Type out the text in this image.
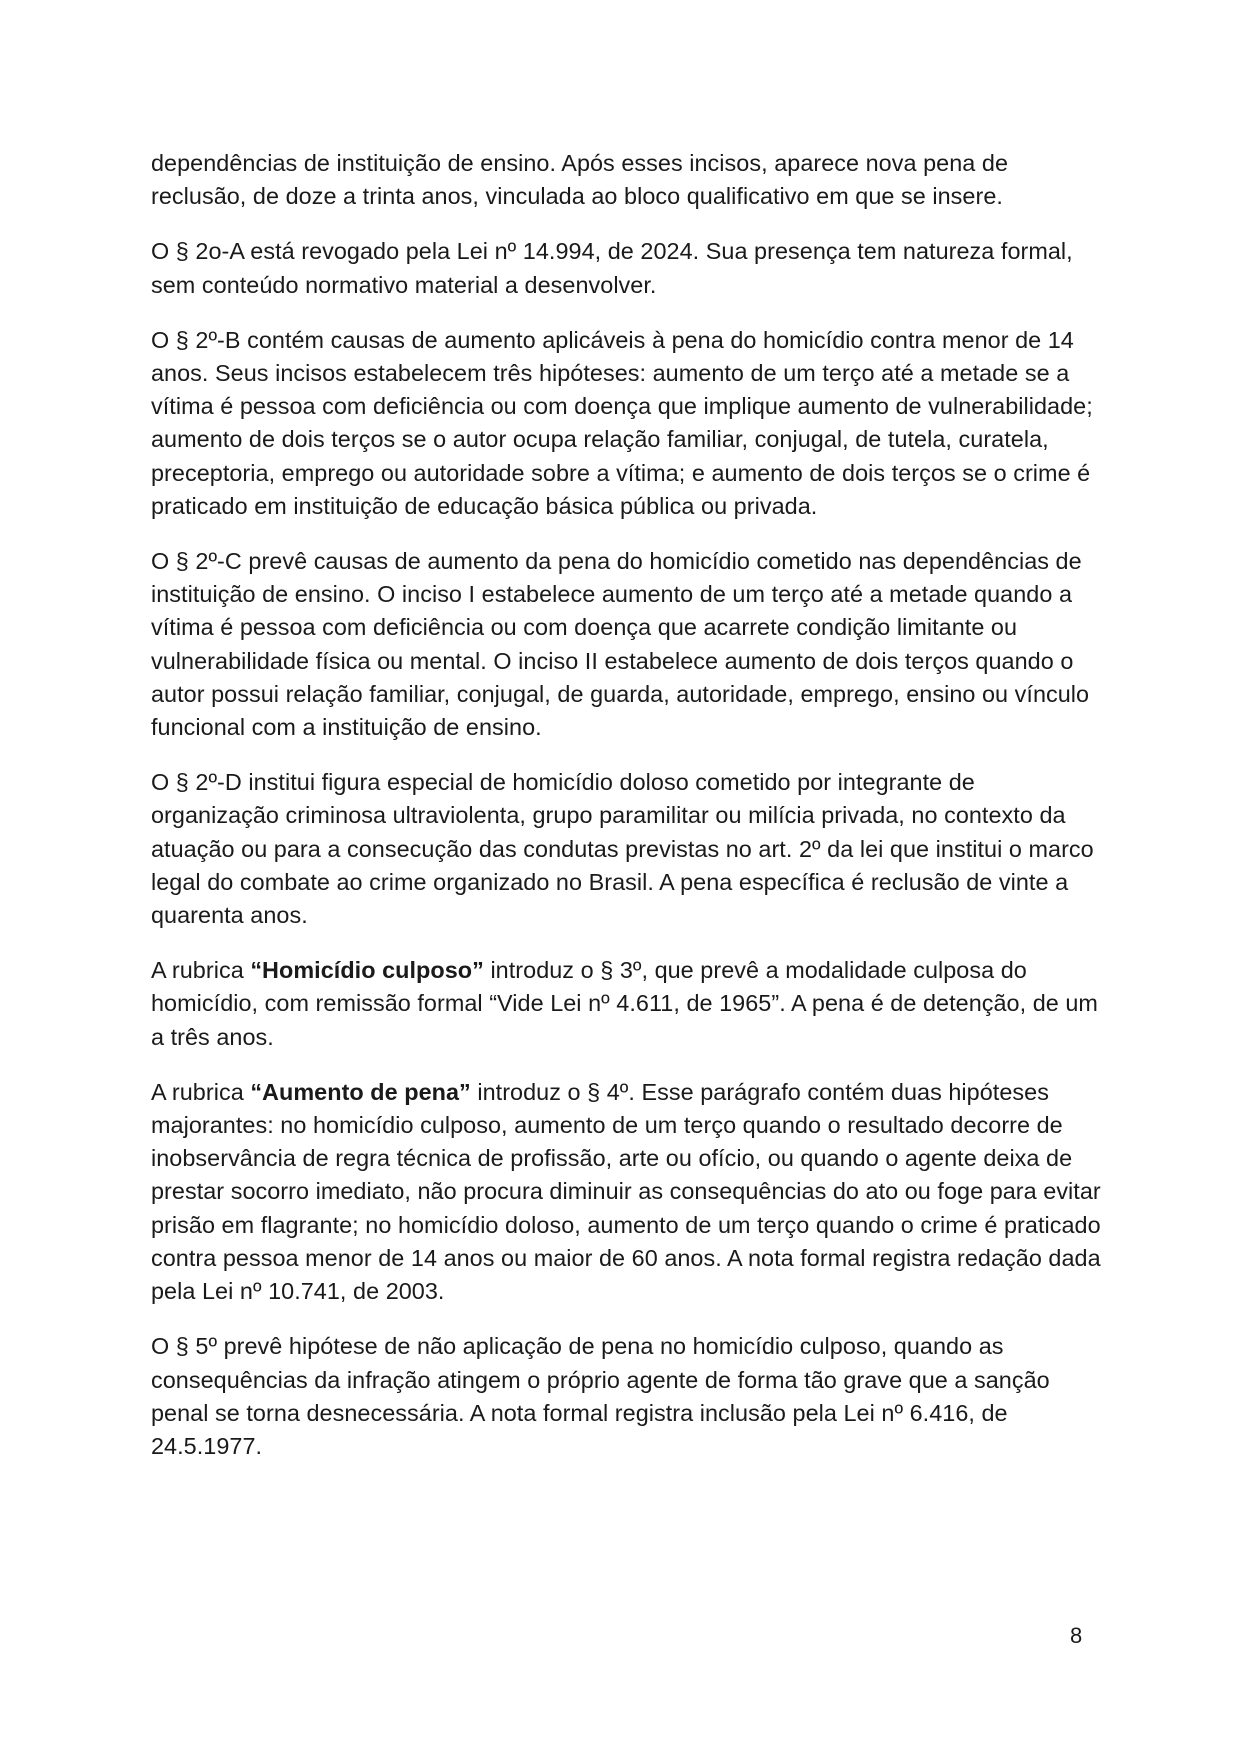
dependências de instituição de ensino. Após esses incisos, aparece nova pena de reclusão, de doze a trinta anos, vinculada ao bloco qualificativo em que se insere.

O § 2o-A está revogado pela Lei nº 14.994, de 2024. Sua presença tem natureza formal, sem conteúdo normativo material a desenvolver.

O § 2º-B contém causas de aumento aplicáveis à pena do homicídio contra menor de 14 anos. Seus incisos estabelecem três hipóteses: aumento de um terço até a metade se a vítima é pessoa com deficiência ou com doença que implique aumento de vulnerabilidade; aumento de dois terços se o autor ocupa relação familiar, conjugal, de tutela, curatela, preceptoria, emprego ou autoridade sobre a vítima; e aumento de dois terços se o crime é praticado em instituição de educação básica pública ou privada.

O § 2º-C prevê causas de aumento da pena do homicídio cometido nas dependências de instituição de ensino. O inciso I estabelece aumento de um terço até a metade quando a vítima é pessoa com deficiência ou com doença que acarrete condição limitante ou vulnerabilidade física ou mental. O inciso II estabelece aumento de dois terços quando o autor possui relação familiar, conjugal, de guarda, autoridade, emprego, ensino ou vínculo funcional com a instituição de ensino.

O § 2º-D institui figura especial de homicídio doloso cometido por integrante de organização criminosa ultraviolenta, grupo paramilitar ou milícia privada, no contexto da atuação ou para a consecução das condutas previstas no art. 2º da lei que institui o marco legal do combate ao crime organizado no Brasil. A pena específica é reclusão de vinte a quarenta anos.

A rubrica “Homicídio culposo” introduz o § 3º, que prevê a modalidade culposa do homicídio, com remissão formal “Vide Lei nº 4.611, de 1965”. A pena é de detenção, de um a três anos.

A rubrica “Aumento de pena” introduz o § 4º. Esse parágrafo contém duas hipóteses majorantes: no homicídio culposo, aumento de um terço quando o resultado decorre de inobservância de regra técnica de profissão, arte ou ofício, ou quando o agente deixa de prestar socorro imediato, não procura diminuir as consequências do ato ou foge para evitar prisão em flagrante; no homicídio doloso, aumento de um terço quando o crime é praticado contra pessoa menor de 14 anos ou maior de 60 anos. A nota formal registra redação dada pela Lei nº 10.741, de 2003.

O § 5º prevê hipótese de não aplicação de pena no homicídio culposo, quando as consequências da infração atingem o próprio agente de forma tão grave que a sanção penal se torna desnecessária. A nota formal registra inclusão pela Lei nº 6.416, de 24.5.1977.

8
